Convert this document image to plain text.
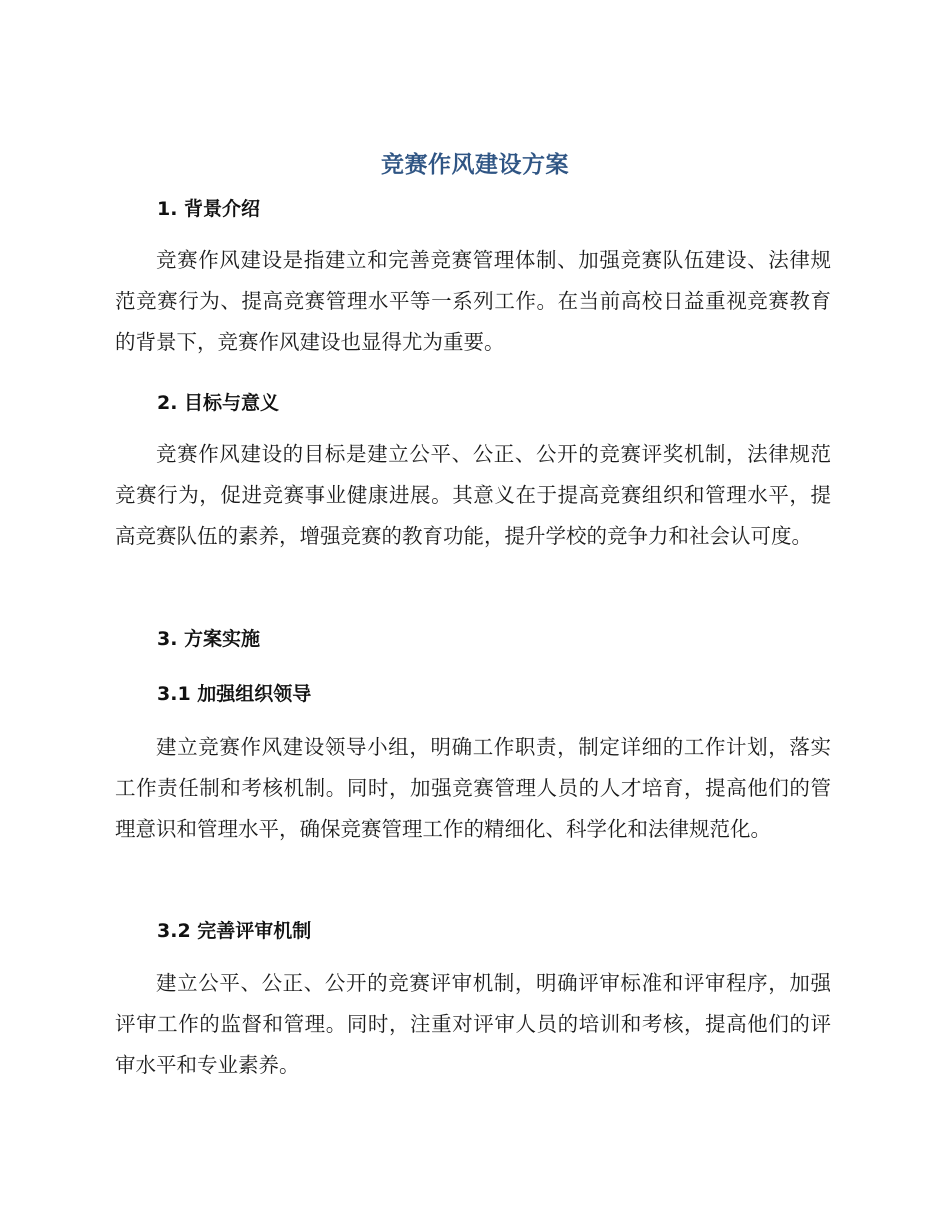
竞赛作风建设方案
1. 背景介绍
竞赛作风建设是指建立和完善竞赛管理体制、加强竞赛队伍建设、法律规范竞赛行为、提高竞赛管理水平等一系列工作。在当前高校日益重视竞赛教育的背景下，竞赛作风建设也显得尤为重要。
2. 目标与意义
竞赛作风建设的目标是建立公平、公正、公开的竞赛评奖机制，法律规范竞赛行为，促进竞赛事业健康进展。其意义在于提高竞赛组织和管理水平，提高竞赛队伍的素养，增强竞赛的教育功能，提升学校的竞争力和社会认可度。
3. 方案实施
3.1 加强组织领导
建立竞赛作风建设领导小组，明确工作职责，制定详细的工作计划，落实工作责任制和考核机制。同时，加强竞赛管理人员的人才培育，提高他们的管理意识和管理水平，确保竞赛管理工作的精细化、科学化和法律规范化。
3.2 完善评审机制
建立公平、公正、公开的竞赛评审机制，明确评审标准和评审程序，加强评审工作的监督和管理。同时，注重对评审人员的培训和考核，提高他们的评审水平和专业素养。
